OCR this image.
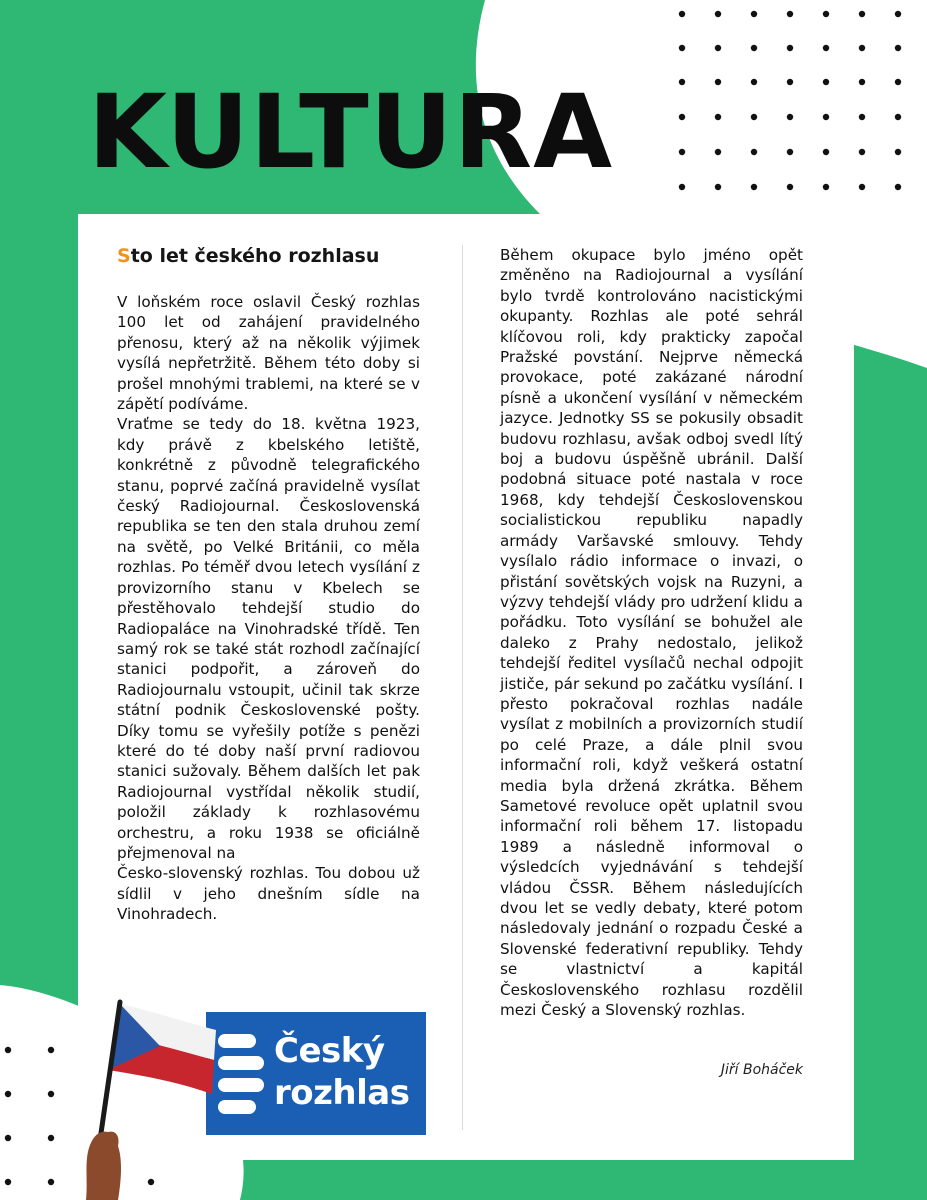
KULTURA
Sto let českého rozhlasu

V loňském roce oslavil Český rozhlas 100 let od zahájení pravidelného přenosu, který až na několik výjimek vysílá nepřetržitě. Během této doby si prošel mnohými trablemi, na které se v zápětí podíváme.
Vraťme se tedy do 18. května 1923, kdy právě z kbelského letiště, konkrétně z původně telegrafického stanu, poprvé začíná pravidelně vysílat český Radiojournal. Československá republika se ten den stala druhou zemí na světě, po Velké Británii, co měla rozhlas. Po téměř dvou letech vysílání z provizorního stanu v Kbelech se přestěhovalo tehdejší studio do Radiopaláce na Vinohradské třídě. Ten samý rok se také stát rozhodl začínající stanici podpořit, a zároveň do Radiojournalu vstoupit, učinil tak skrze státní podnik Československé pošty. Díky tomu se vyřešily potíže s penězi které do té doby naší první radiovou stanici sužovaly. Během dalších let pak Radiojournal vystřídal několik studií, položil základy k rozhlasovému orchestru, a roku 1938 se oficiálně přejmenoval na
Česko-slovenský rozhlas. Tou dobou už sídlil v jeho dnešním sídle na Vinohradech.

Během okupace bylo jméno opět změněno na Radiojournal a vysílání bylo tvrdě kontrolováno nacistickými okupanty. Rozhlas ale poté sehrál klíčovou roli, kdy prakticky započal Pražské povstání. Nejprve německá provokace, poté zakázané národní písně a ukončení vysílání v německém jazyce. Jednotky SS se pokusily obsadit budovu rozhlasu, avšak odboj svedl lítý boj a budovu úspěšně ubránil. Další podobná situace poté nastala v roce 1968, kdy tehdejší Československou socialistickou republiku napadly armády Varšavské smlouvy. Tehdy vysílalo rádio informace o invazi, o přistání sovětských vojsk na Ruzyni, a výzvy tehdejší vlády pro udržení klidu a pořádku. Toto vysílání se bohužel ale daleko z Prahy nedostalo, jelikož tehdejší ředitel vysílačů nechal odpojit jističe, pár sekund po začátku vysílání. I přesto pokračoval rozhlas nadále vysílat z mobilních a provizorních studií po celé Praze, a dále plnil svou informační roli, když veškerá ostatní media byla držená zkrátka. Během Sametové revoluce opět uplatnil svou informační roli během 17. listopadu 1989 a následně informoval o výsledcích vyjednávání s tehdejší vládou ČSSR. Během následujících dvou let se vedly debaty, které potom následovaly jednání o rozpadu České a Slovenské federativní republiky. Tehdy se vlastnictví a kapitál Československého rozhlasu rozdělil mezi Český a Slovenský rozhlas.

Jiří Boháček

Český
rozhlas
